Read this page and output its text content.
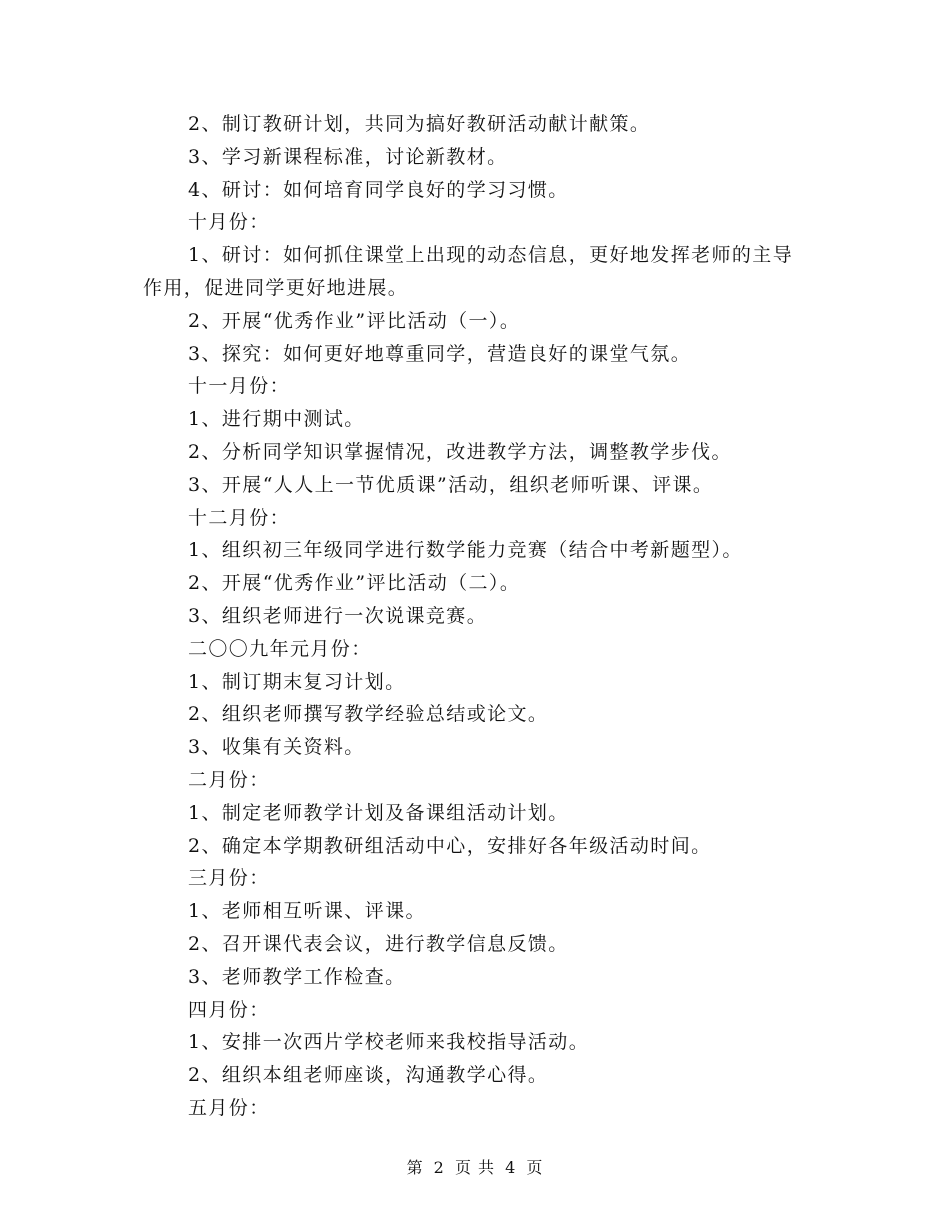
2、制订教研计划，共同为搞好教研活动献计献策。
3、学习新课程标准，讨论新教材。
4、研讨：如何培育同学良好的学习习惯。
十月份：
1、研讨：如何抓住课堂上出现的动态信息，更好地发挥老师的主导作用，促进同学更好地进展。
2、开展“优秀作业”评比活动（一）。
3、探究：如何更好地尊重同学，营造良好的课堂气氛。
十一月份：
1、进行期中测试。
2、分析同学知识掌握情况，改进教学方法，调整教学步伐。
3、开展“人人上一节优质课”活动，组织老师听课、评课。
十二月份：
1、组织初三年级同学进行数学能力竞赛（结合中考新题型）。
2、开展“优秀作业”评比活动（二）。
3、组织老师进行一次说课竞赛。
二〇〇九年元月份：
1、制订期末复习计划。
2、组织老师撰写教学经验总结或论文。
3、收集有关资料。
二月份：
1、制定老师教学计划及备课组活动计划。
2、确定本学期教研组活动中心，安排好各年级活动时间。
三月份：
1、老师相互听课、评课。
2、召开课代表会议，进行教学信息反馈。
3、老师教学工作检查。
四月份：
1、安排一次西片学校老师来我校指导活动。
2、组织本组老师座谈，沟通教学心得。
五月份：
第 2 页 共 4 页
